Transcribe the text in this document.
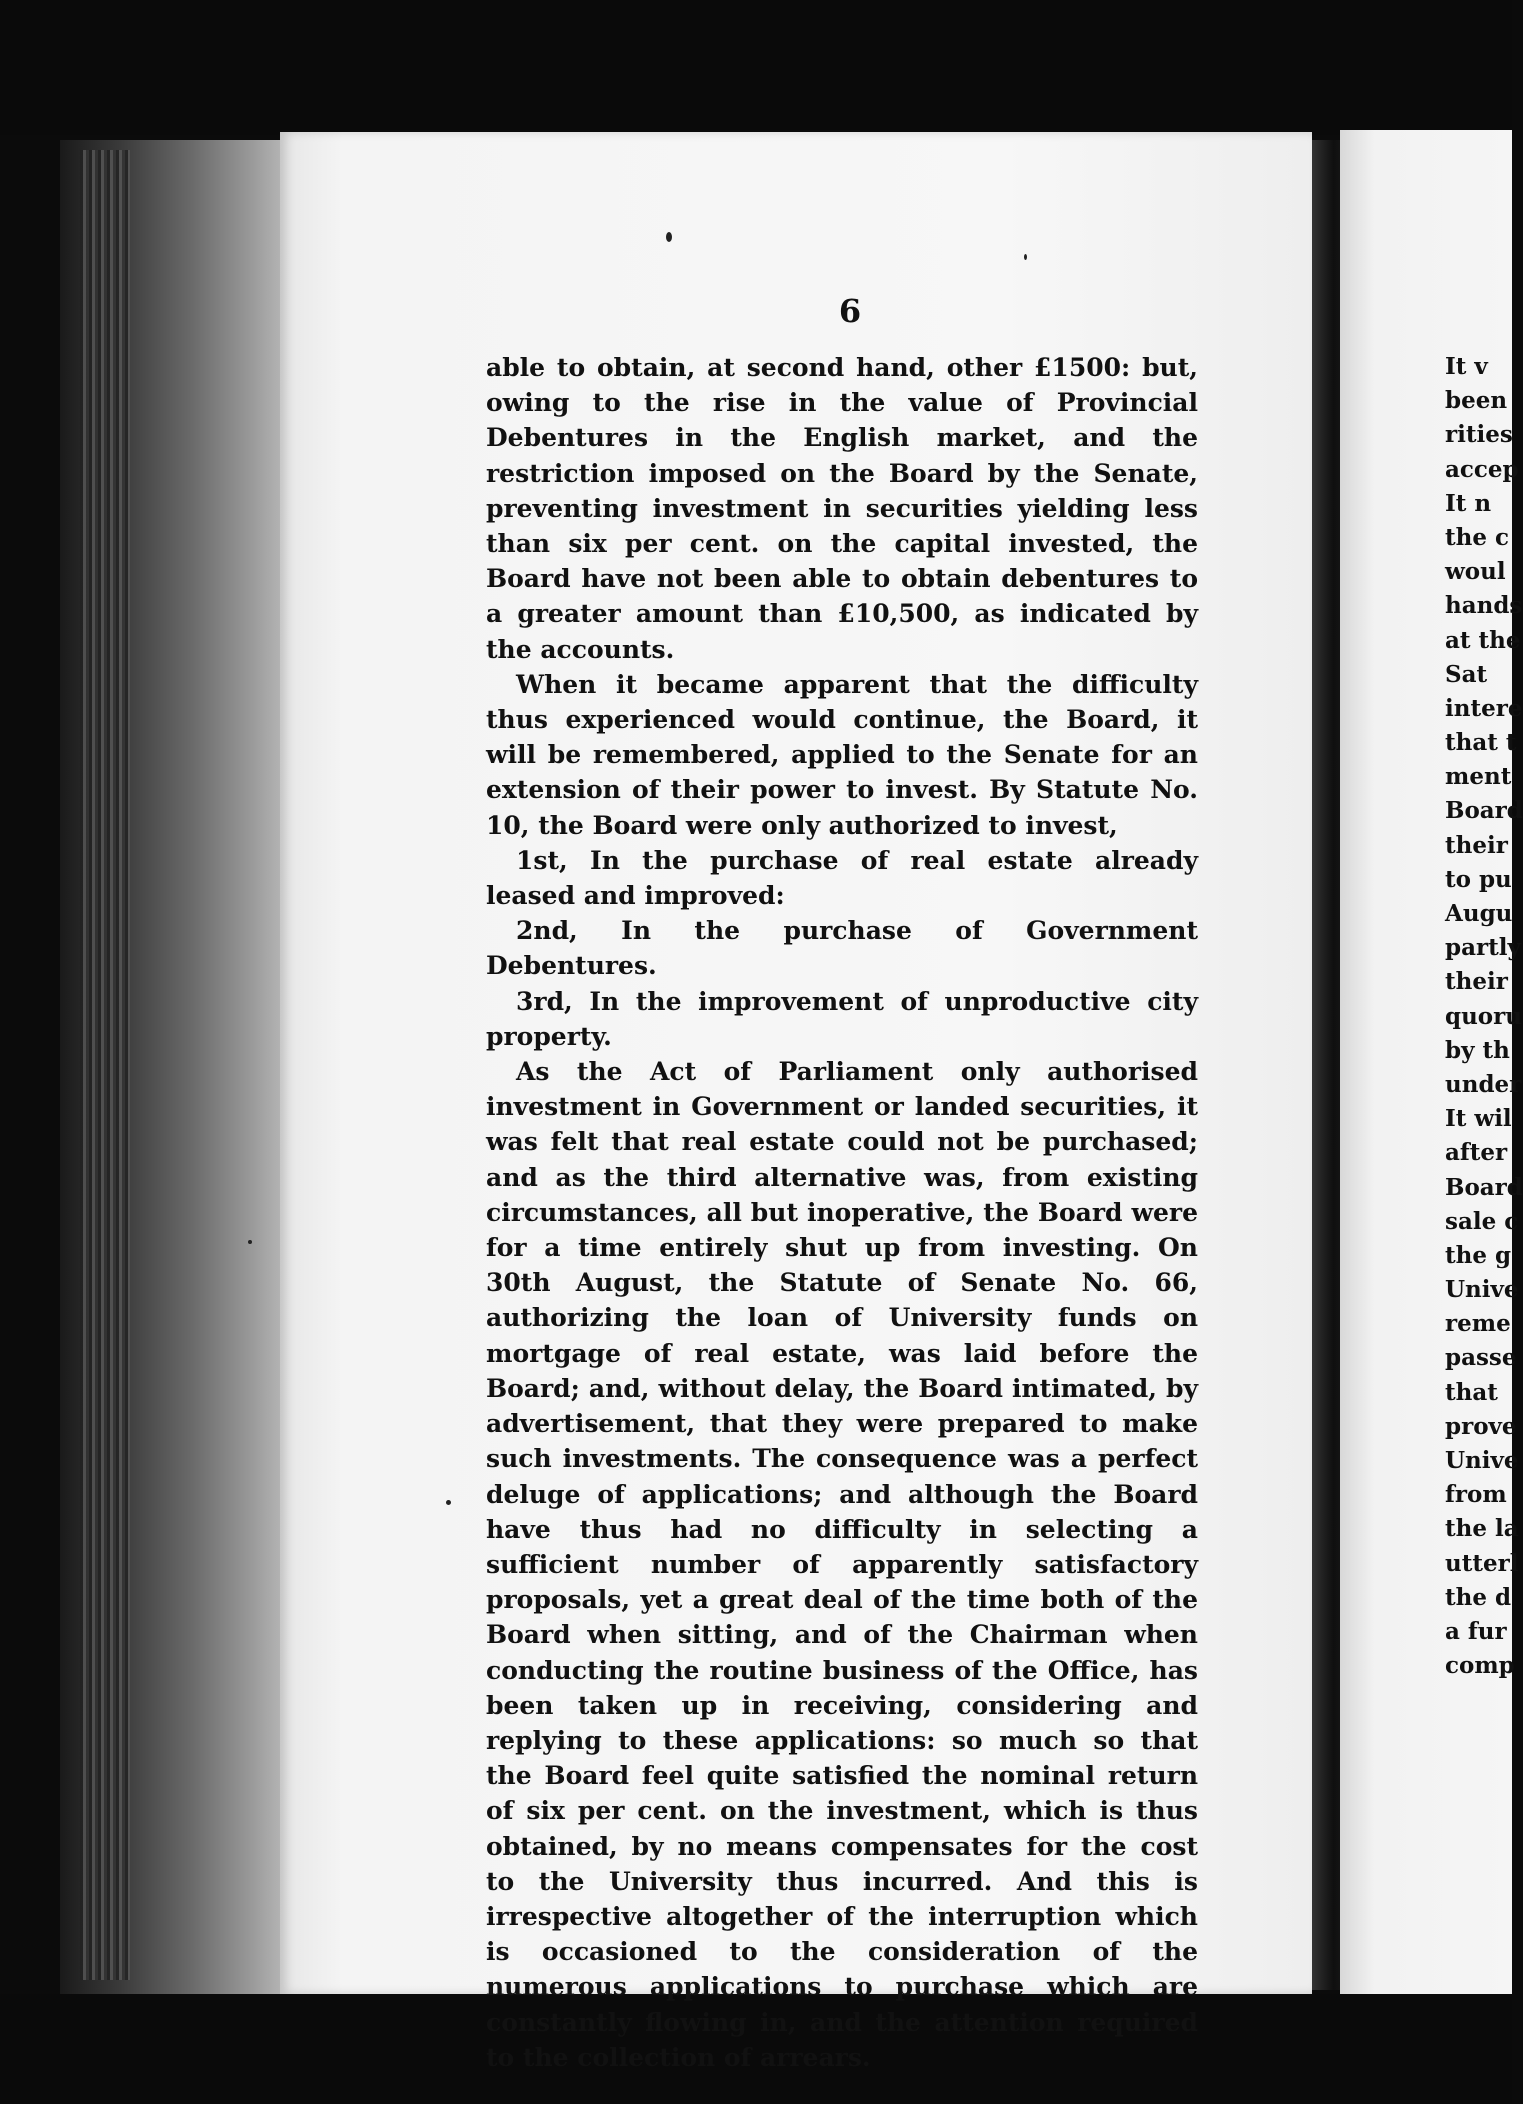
6

able to obtain, at second hand, other £1500: but, owing to the rise in the value of Provincial Debentures in the English market, and the restriction imposed on the Board by the Senate, preventing investment in securities yielding less than six per cent. on the capital invested, the Board have not been able to obtain debentures to a greater amount than £10,500, as indicated by the accounts.

When it became apparent that the difficulty thus experienced would continue, the Board, it will be remembered, applied to the Senate for an extension of their power to invest. By Statute No. 10, the Board were only authorized to invest,

1st, In the purchase of real estate already leased and improved:

2nd, In the purchase of Government Debentures.

3rd, In the improvement of unproductive city property.

As the Act of Parliament only authorised investment in Government or landed securities, it was felt that real estate could not be purchased; and as the third alternative was, from existing circumstances, all but inoperative, the Board were for a time entirely shut up from investing. On 30th August, the Statute of Senate No. 66, authorizing the loan of University funds on mortgage of real estate, was laid before the Board; and, without delay, the Board intimated, by advertisement, that they were prepared to make such investments. The consequence was a perfect deluge of applications; and although the Board have thus had no difficulty in selecting a sufficient number of apparently satisfactory proposals, yet a great deal of the time both of the Board when sitting, and of the Chairman when conducting the routine business of the Office, has been taken up in receiving, considering and replying to these applications: so much so that the Board feel quite satisfied the nominal return of six per cent. on the investment, which is thus obtained, by no means compensates for the cost to the University thus incurred. And this is irrespective altogether of the interruption which is occasioned to the consideration of the numerous applications to purchase which are constantly flowing in, and the attention required to the collection of arrears.

It v
been
rities
accep
It n
the c
woul
hands
at the
Sat
intere
that t
ment
Board
their
to pu
Augu
partly
their
quoru
by th
under
It wil
after
Board
sale c
the g
Unive
reme
passe
that
prove
Unive
from
the la
utterl
the d
a fur
comp
